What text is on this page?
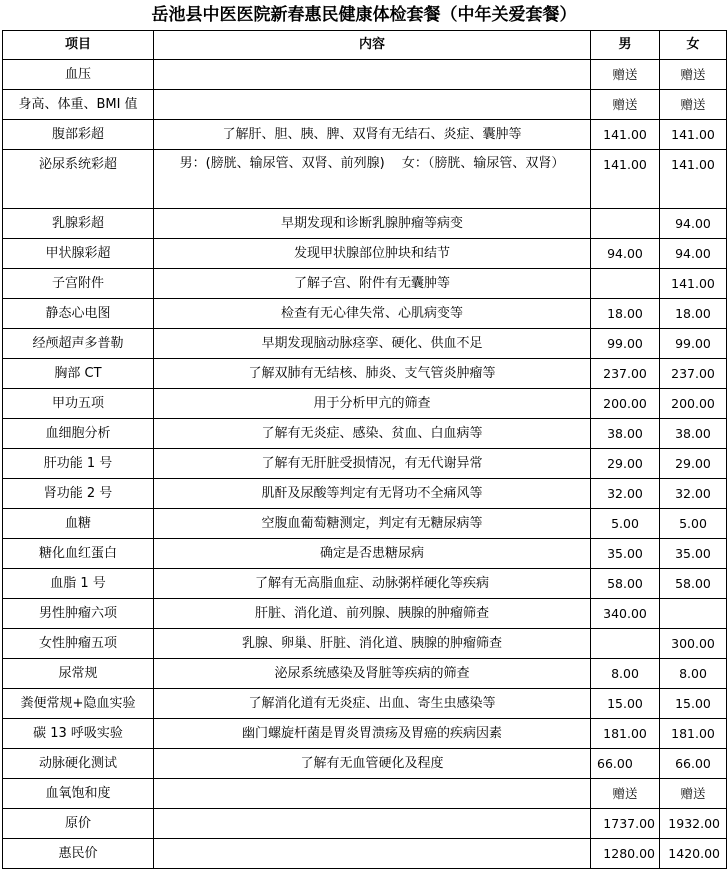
岳池县中医医院新春惠民健康体检套餐（中年关爱套餐）
项目	内容	男	女
血压		赠送	赠送
身高、体重、BMI 值		赠送	赠送
腹部彩超	了解肝、胆、胰、脾、双肾有无结石、炎症、囊肿等	141.00	141.00
泌尿系统彩超	男：(膀胱、输尿管、双肾、前列腺)　 女：（膀胱、输尿管、双肾）	141.00	141.00
乳腺彩超	早期发现和诊断乳腺肿瘤等病变		94.00
甲状腺彩超	发现甲状腺部位肿块和结节	94.00	94.00
子宫附件	了解子宫、附件有无囊肿等		141.00
静态心电图	检查有无心律失常、心肌病变等	18.00	18.00
经颅超声多普勒	早期发现脑动脉痉挛、硬化、供血不足	99.00	99.00
胸部 CT	了解双肺有无结核、肺炎、支气管炎肿瘤等	237.00	237.00
甲功五项	用于分析甲亢的筛查	200.00	200.00
血细胞分析	了解有无炎症、感染、贫血、白血病等	38.00	38.00
肝功能 1 号	了解有无肝脏受损情况，有无代谢异常	29.00	29.00
肾功能 2 号	肌酐及尿酸等判定有无肾功不全痛风等	32.00	32.00
血糖	空腹血葡萄糖测定，判定有无糖尿病等	5.00	5.00
糖化血红蛋白	确定是否患糖尿病	35.00	35.00
血脂 1 号	了解有无高脂血症、动脉粥样硬化等疾病	58.00	58.00
男性肿瘤六项	肝脏、消化道、前列腺、胰腺的肿瘤筛查	340.00	
女性肿瘤五项	乳腺、卵巢、肝脏、消化道、胰腺的肿瘤筛查		300.00
尿常规	泌尿系统感染及肾脏等疾病的筛查	8.00	8.00
粪便常规+隐血实验	了解消化道有无炎症、出血、寄生虫感染等	15.00	15.00
碳 13 呼吸实验	幽门螺旋杆菌是胃炎胃溃疡及胃癌的疾病因素	181.00	181.00
动脉硬化测试	了解有无血管硬化及程度	66.00	66.00
血氧饱和度		赠送	赠送
原价		1737.00	1932.00
惠民价		1280.00	1420.00
